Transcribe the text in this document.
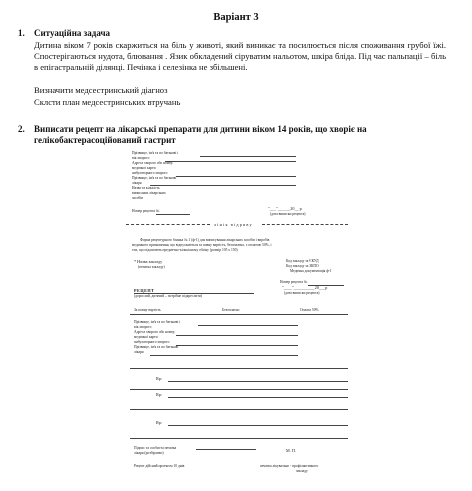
Варіант 3
1. Ситуаційна задача
Дитина віком 7 років скаржиться на біль у животі, який виникає та посилюється після споживання грубої їжі. Спостерігаються нудота, блювання . Язик обкладений сіруватим нальотом, шкіра бліда. Під час пальпації – біль в епігастральній ділянці. Печінка і селезінка не збільшені.
Визначити медсестринський діагноз
Склсти план медсестринських втручань
2. Виписати рецепт на лікарські препарати для дитини віком 14 років, що хворіє на
гелікобактерасоційований гастрит
Прізвище, ім'я та по батькові і
вік хворого
Адреса хворого або номер
медичної карти
амбулаторного хворого
Прізвище, ім'я та по батькові
лікаря
Назва та кількість
виписаних лікарських
засобів
Номер рецепта №	"___"______20__ р
(дата виписки рецепта)
лінія відриву
Форма рецептурного бланка № 1 (ф-1) для виписування лікарських засобів і виробів
медичного призначення, що відпускаються за повну вартість, безоплатно, з оплатою 50%, і
тих, що підлягають предметно-кількісному обліку (розмір 105 х 150)
* Назва закладу
(печатка закладу)
Код закладу за ЄКУД
Код закладу за ЗКПО
Медична документація ф-1
Номер рецепта №
"____"__________20___р
(дата виписки рецепта)
РЕЦЕПТ
(дорослий, дитячий – потрібне підкреслити)
За повну вартість	Безоплатно	Оплата 50%
Прізвище, ім'я та по батькові і
вік хворого
Адреса хворого або номер
медичної карти
амбулаторного хворого
Прізвище, ім'я та по батькові
лікаря
Rp:
Rp:
Rp:
Підпис та особиста печатка
лікаря (розбірливо)	М. П.
Рецепт дійсний протягом 10 днів	печатка лікувально - профілактичного
закладу
